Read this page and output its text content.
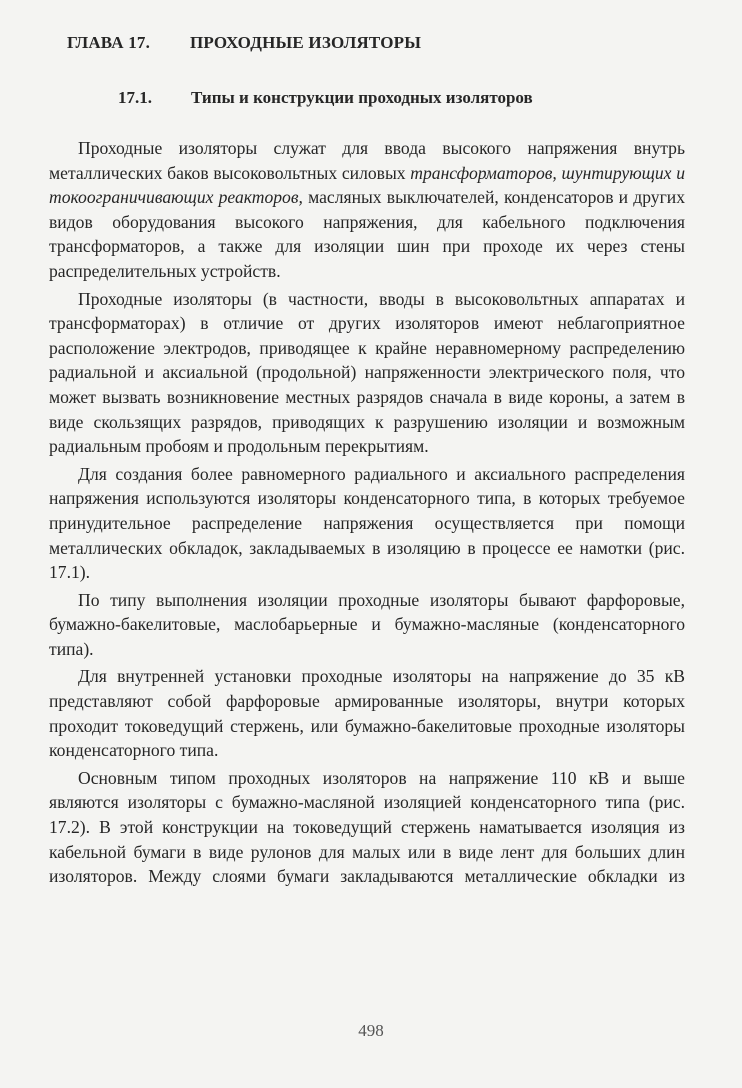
ГЛАВА 17. ПРОХОДНЫЕ ИЗОЛЯТОРЫ
17.1. Типы и конструкции проходных изоляторов

Проходные изоляторы служат для ввода высокого напряжения внутрь металлических баков высоковольтных силовых трансформаторов, шунтирующих и токоограничивающих реакторов, масляных выключателей, конденсаторов и других видов оборудования высокого напряжения, для кабельного подключения трансформаторов, а также для изоляции шин при проходе их через стены распределительных устройств.

Проходные изоляторы (в частности, вводы в высоковольтных аппаратах и трансформаторах) в отличие от других изоляторов имеют неблагоприятное расположение электродов, приводящее к крайне неравномерному распределению радиальной и аксиальной (продольной) напряженности электрического поля, что может вызвать возникновение местных разрядов сначала в виде короны, а затем в виде скользящих разрядов, приводящих к разрушению изоляции и возможным радиальным пробоям и продольным перекрытиям.

Для создания более равномерного радиального и аксиального распределения напряжения используются изоляторы конденсаторного типа, в которых требуемое принудительное распределение напряжения осуществляется при помощи металлических обкладок, закладываемых в изоляцию в процессе ее намотки (рис. 17.1).

По типу выполнения изоляции проходные изоляторы бывают фарфоровые, бумажно-бакелитовые, маслобарьерные и бумажно-масляные (конденсаторного типа).

Для внутренней установки проходные изоляторы на напряжение до 35 кВ представляют собой фарфоровые армированные изоляторы, внутри которых проходит токоведущий стержень, или бумажно-бакелитовые проходные изоляторы конденсаторного типа.

Основным типом проходных изоляторов на напряжение 110 кВ и выше являются изоляторы с бумажно-масляной изоляцией конденсаторного типа (рис. 17.2). В этой конструкции на токоведущий стержень наматывается изоляция из кабельной бумаги в виде рулонов для малых или в виде лент для больших длин изоляторов. Между слоями бумаги закладываются металлические обкладки из

498
